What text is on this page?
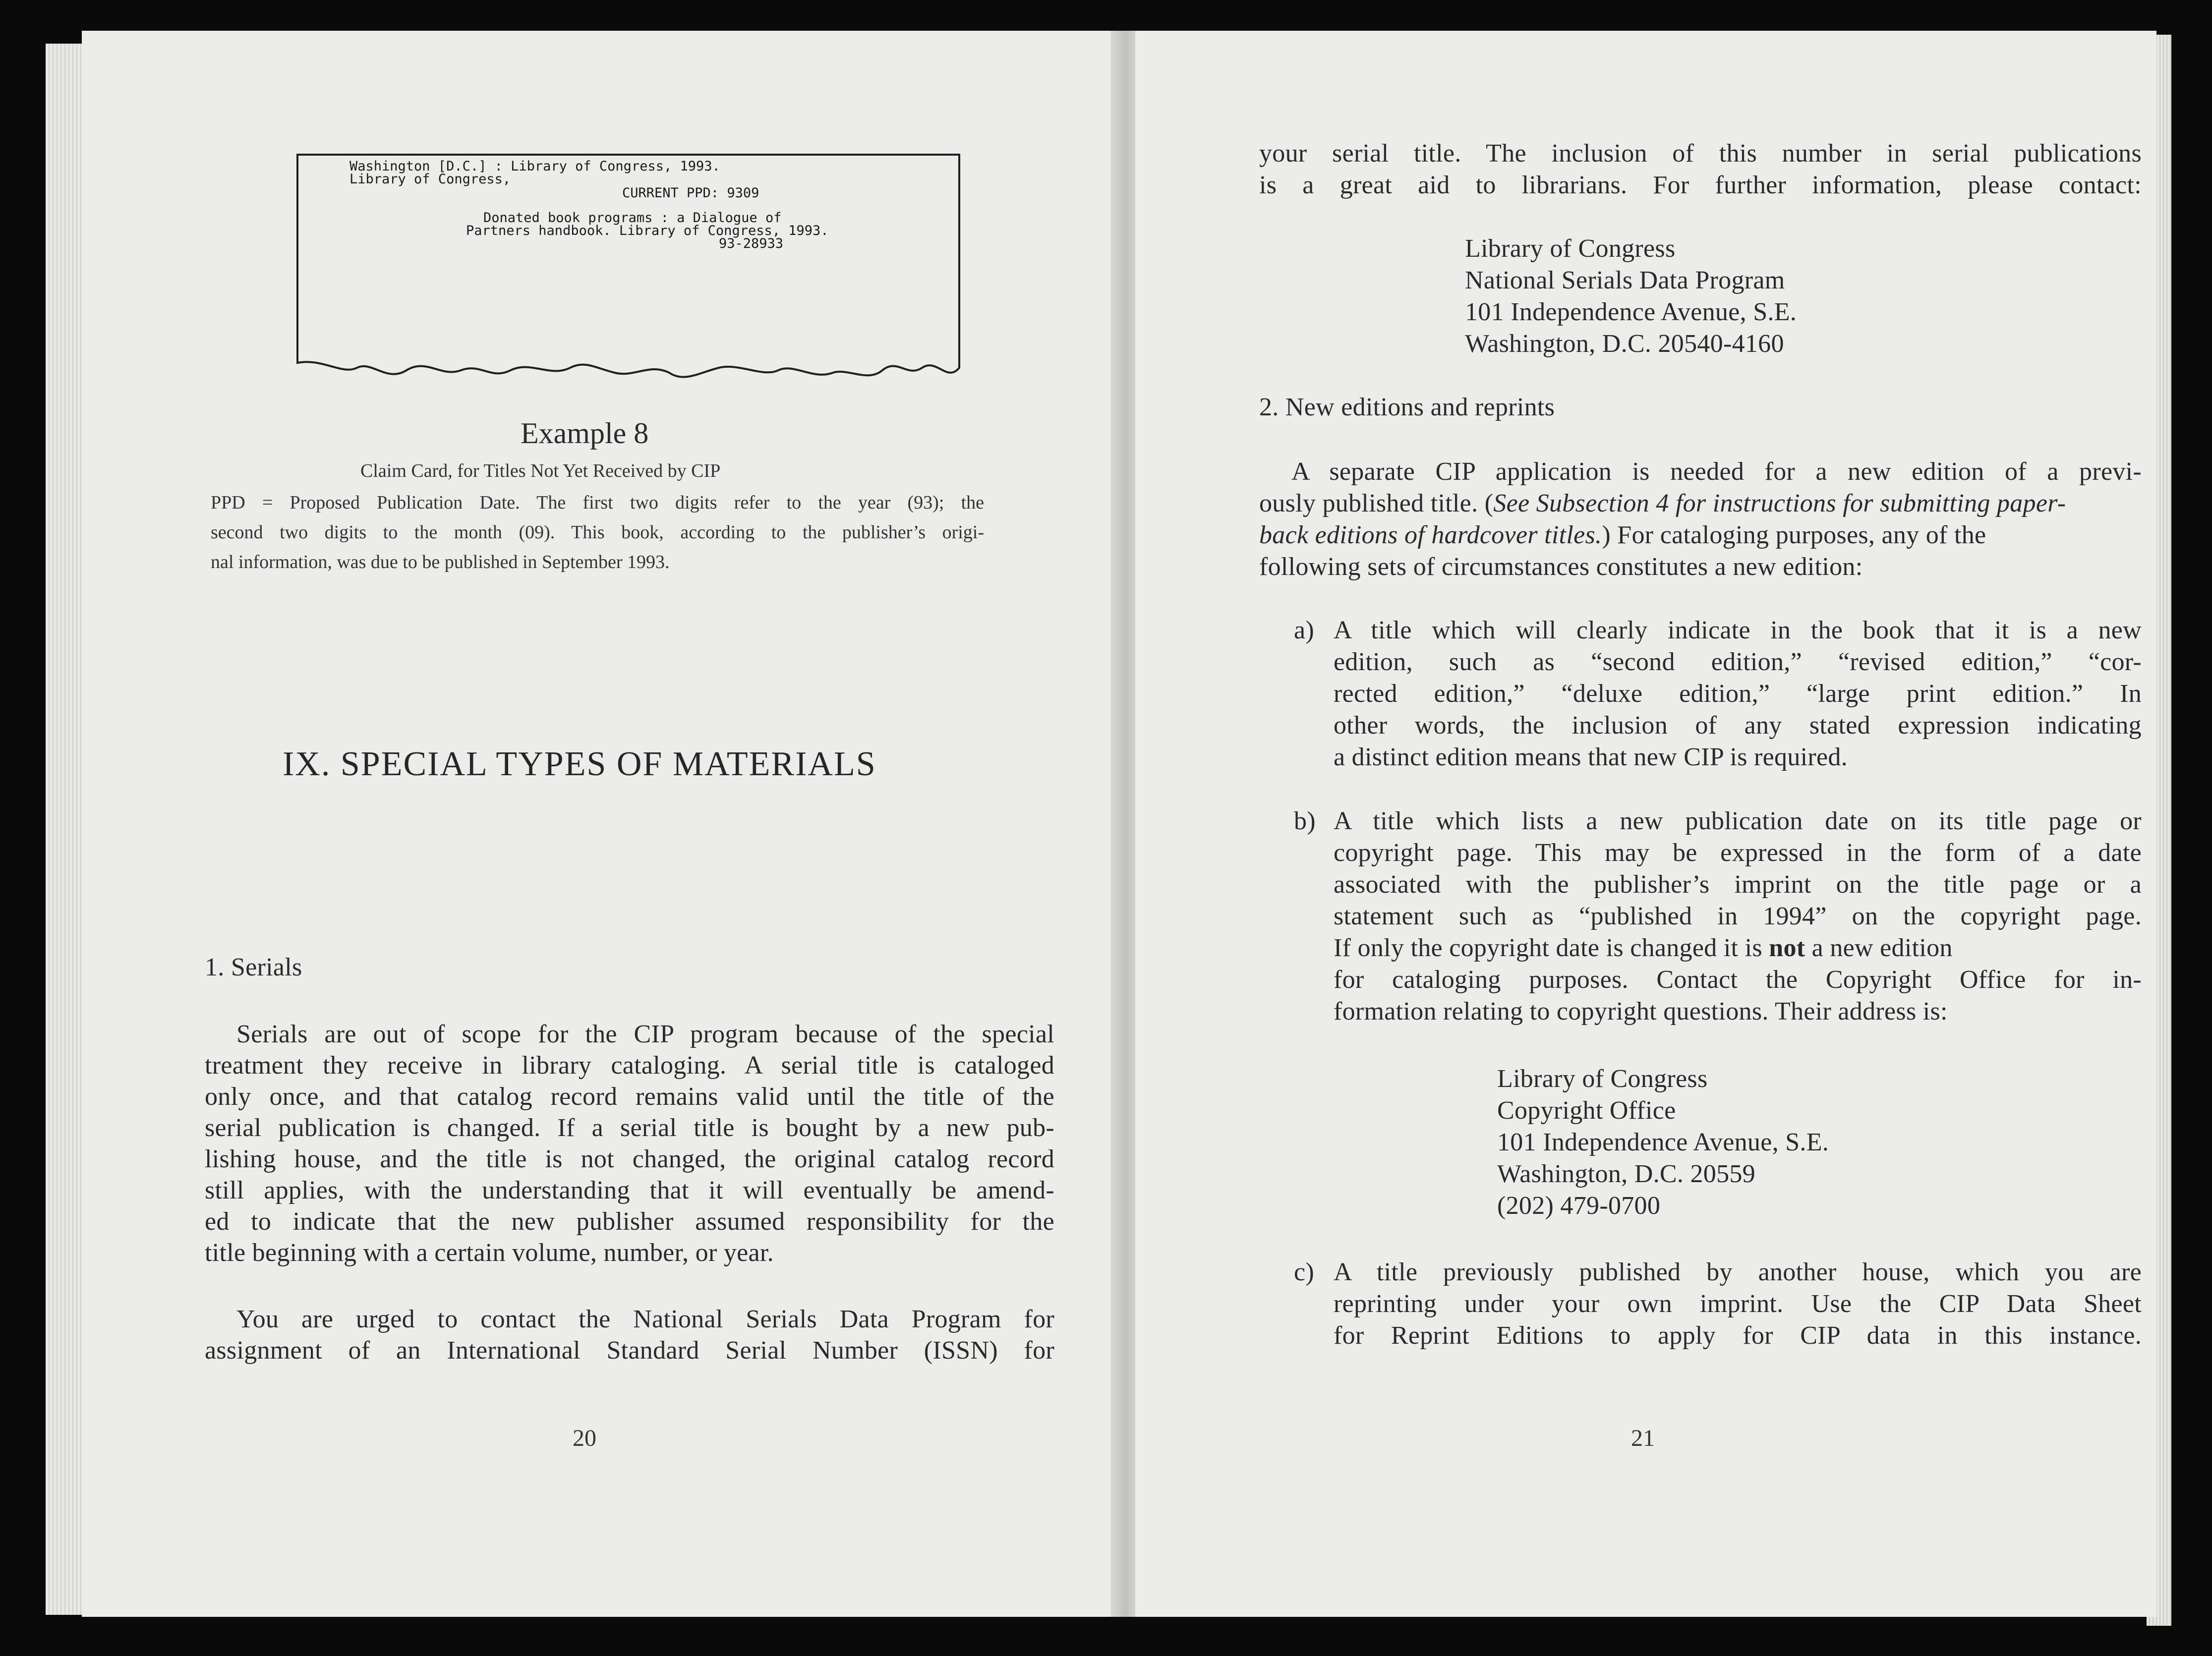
Washington [D.C.] : Library of Congress, 1993.
Library of Congress,
CURRENT PPD: 9309
Donated book programs : a Dialogue of
Partners handbook. Library of Congress, 1993.
93-28933
Example 8
Claim Card, for Titles Not Yet Received by CIP
PPD = Proposed Publication Date. The first two digits refer to the year (93); the
second two digits to the month (09). This book, according to the publisher’s origi-
nal information, was due to be published in September 1993.
IX. SPECIAL TYPES OF MATERIALS
1. Serials
Serials are out of scope for the CIP program because of the special
treatment they receive in library cataloging. A serial title is cataloged
only once, and that catalog record remains valid until the title of the
serial publication is changed. If a serial title is bought by a new pub-
lishing house, and the title is not changed, the original catalog record
still applies, with the understanding that it will eventually be amend-
ed to indicate that the new publisher assumed responsibility for the
title beginning with a certain volume, number, or year.
You are urged to contact the National Serials Data Program for
assignment of an International Standard Serial Number (ISSN) for
20
your serial title. The inclusion of this number in serial publications
is a great aid to librarians. For further information, please contact:
Library of Congress
National Serials Data Program
101 Independence Avenue, S.E.
Washington, D.C. 20540-4160
2. New editions and reprints
A separate CIP application is needed for a new edition of a previ-
ously published title. (See Subsection 4 for instructions for submitting paper-
back editions of hardcover titles.) For cataloging purposes, any of the
following sets of circumstances constitutes a new edition:
a) A title which will clearly indicate in the book that it is a new
edition, such as “second edition,” “revised edition,” “cor-
rected edition,” “deluxe edition,” “large print edition.” In
other words, the inclusion of any stated expression indicating
a distinct edition means that new CIP is required.
b) A title which lists a new publication date on its title page or
copyright page. This may be expressed in the form of a date
associated with the publisher’s imprint on the title page or a
statement such as “published in 1994” on the copyright page.
If only the copyright date is changed it is not a new edition
for cataloging purposes. Contact the Copyright Office for in-
formation relating to copyright questions. Their address is:
Library of Congress
Copyright Office
101 Independence Avenue, S.E.
Washington, D.C. 20559
(202) 479-0700
c) A title previously published by another house, which you are
reprinting under your own imprint. Use the CIP Data Sheet
for Reprint Editions to apply for CIP data in this instance.
21
